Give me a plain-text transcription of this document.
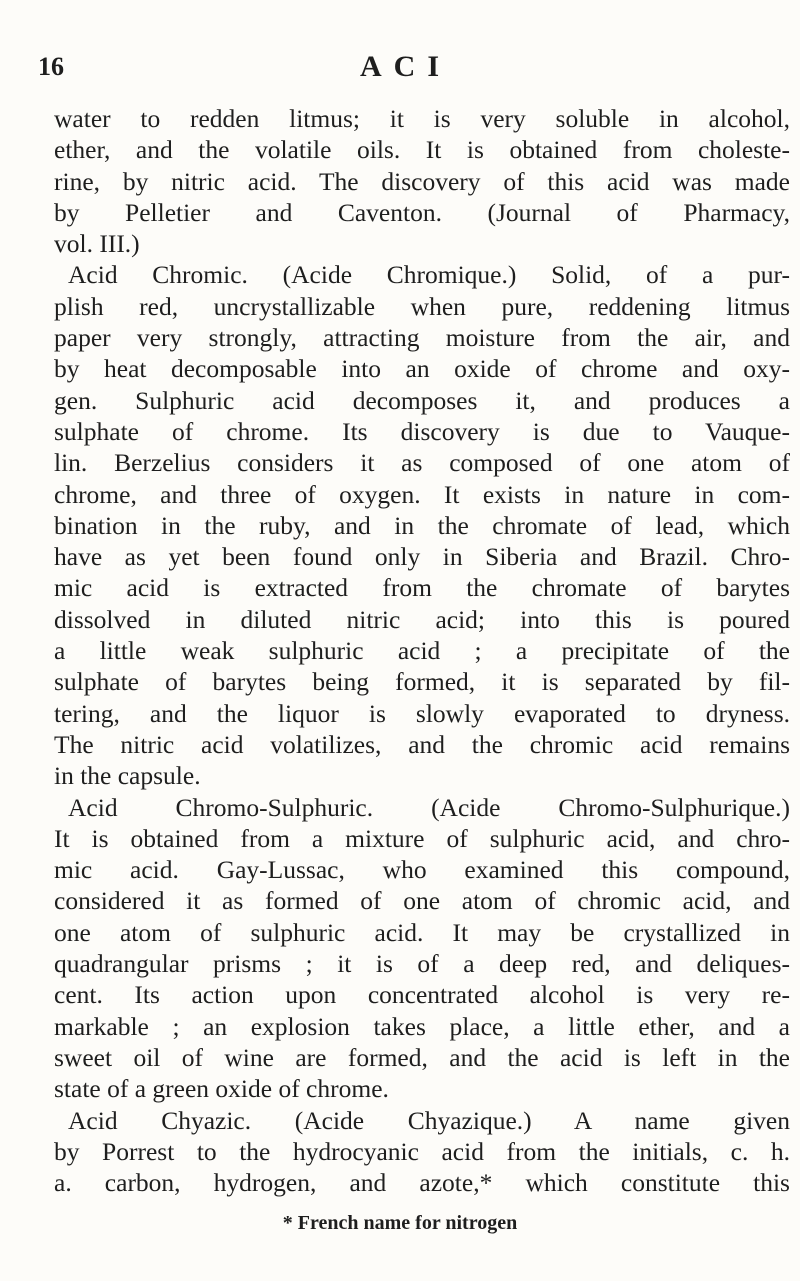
16	ACI
water to redden litmus; it is very soluble in alcohol,
ether, and the volatile oils. It is obtained from choleste-
rine, by nitric acid. The discovery of this acid was made
by Pelletier and Caventon. (Journal of Pharmacy,
vol. III.)
Acid Chromic. (Acide Chromique.) Solid, of a pur-
plish red, uncrystallizable when pure, reddening litmus
paper very strongly, attracting moisture from the air, and
by heat decomposable into an oxide of chrome and oxy-
gen. Sulphuric acid decomposes it, and produces a
sulphate of chrome. Its discovery is due to Vauque-
lin. Berzelius considers it as composed of one atom of
chrome, and three of oxygen. It exists in nature in com-
bination in the ruby, and in the chromate of lead, which
have as yet been found only in Siberia and Brazil. Chro-
mic acid is extracted from the chromate of barytes
dissolved in diluted nitric acid; into this is poured
a little weak sulphuric acid ; a precipitate of the
sulphate of barytes being formed, it is separated by fil-
tering, and the liquor is slowly evaporated to dryness.
The nitric acid volatilizes, and the chromic acid remains
in the capsule.
Acid Chromo-Sulphuric. (Acide Chromo-Sulphurique.)
It is obtained from a mixture of sulphuric acid, and chro-
mic acid. Gay-Lussac, who examined this compound,
considered it as formed of one atom of chromic acid, and
one atom of sulphuric acid. It may be crystallized in
quadrangular prisms ; it is of a deep red, and deliques-
cent. Its action upon concentrated alcohol is very re-
markable ; an explosion takes place, a little ether, and a
sweet oil of wine are formed, and the acid is left in the
state of a green oxide of chrome.
Acid Chyazic. (Acide Chyazique.) A name given
by Porrest to the hydrocyanic acid from the initials, c. h.
a. carbon, hydrogen, and azote,* which constitute this
* French name for nitrogen
